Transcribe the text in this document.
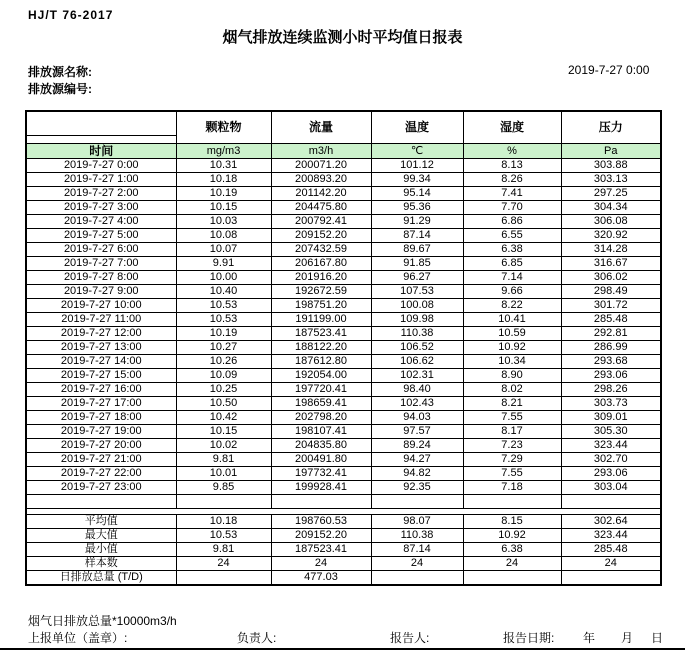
HJ/T 76-2017
烟气排放连续监测小时平均值日报表
排放源名称:
排放源编号:
2019-7-27 0:00
	颗粒物	流量	温度	湿度	压力
时间	mg/m3	m3/h	℃	%	Pa
2019-7-27 0:00	10.31	200071.20	101.12	8.13	303.88
2019-7-27 1:00	10.18	200893.20	99.34	8.26	303.13
2019-7-27 2:00	10.19	201142.20	95.14	7.41	297.25
2019-7-27 3:00	10.15	204475.80	95.36	7.70	304.34
2019-7-27 4:00	10.03	200792.41	91.29	6.86	306.08
2019-7-27 5:00	10.08	209152.20	87.14	6.55	320.92
2019-7-27 6:00	10.07	207432.59	89.67	6.38	314.28
2019-7-27 7:00	9.91	206167.80	91.85	6.85	316.67
2019-7-27 8:00	10.00	201916.20	96.27	7.14	306.02
2019-7-27 9:00	10.40	192672.59	107.53	9.66	298.49
2019-7-27 10:00	10.53	198751.20	100.08	8.22	301.72
2019-7-27 11:00	10.53	191199.00	109.98	10.41	285.48
2019-7-27 12:00	10.19	187523.41	110.38	10.59	292.81
2019-7-27 13:00	10.27	188122.20	106.52	10.92	286.99
2019-7-27 14:00	10.26	187612.80	106.62	10.34	293.68
2019-7-27 15:00	10.09	192054.00	102.31	8.90	293.06
2019-7-27 16:00	10.25	197720.41	98.40	8.02	298.26
2019-7-27 17:00	10.50	198659.41	102.43	8.21	303.73
2019-7-27 18:00	10.42	202798.20	94.03	7.55	309.01
2019-7-27 19:00	10.15	198107.41	97.57	8.17	305.30
2019-7-27 20:00	10.02	204835.80	89.24	7.23	323.44
2019-7-27 21:00	9.81	200491.80	94.27	7.29	302.70
2019-7-27 22:00	10.01	197732.41	94.82	7.55	293.06
2019-7-27 23:00	9.85	199928.41	92.35	7.18	303.04

平均值	10.18	198760.53	98.07	8.15	302.64
最大值	10.53	209152.20	110.38	10.92	323.44
最小值	9.81	187523.41	87.14	6.38	285.48
样本数	24	24	24	24	24
日排放总量 (T/D)		477.03			
烟气日排放总量*10000m3/h
上报单位（盖章）:	负责人:	报告人:	报告日期: 年 月 日
